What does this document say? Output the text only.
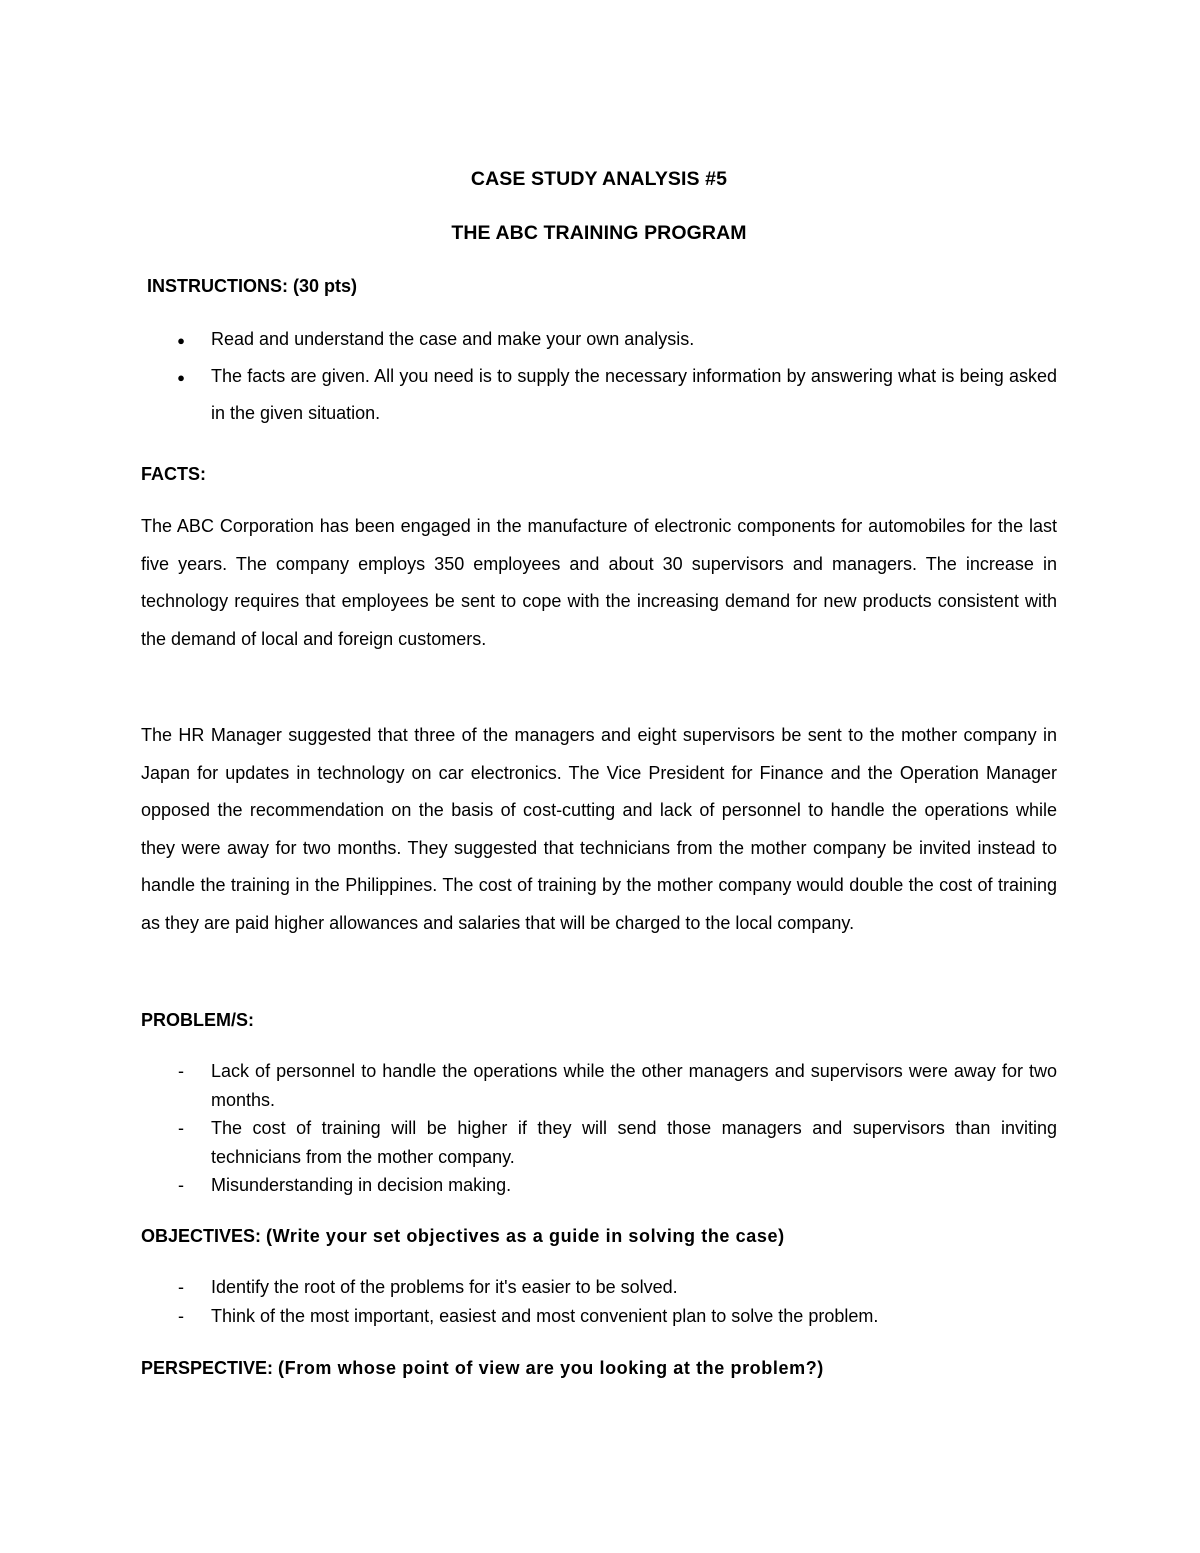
CASE STUDY ANALYSIS #5
THE ABC TRAINING PROGRAM
INSTRUCTIONS: (30 pts)
● Read and understand the case and make your own analysis.
● The facts are given. All you need is to supply the necessary information by answering what is being asked in the given situation.
FACTS:

The ABC Corporation has been engaged in the manufacture of electronic components for automobiles for the last five years. The company employs 350 employees and about 30 supervisors and managers. The increase in technology requires that employees be sent to cope with the increasing demand for new products consistent with the demand of local and foreign customers.

The HR Manager suggested that three of the managers and eight supervisors be sent to the mother company in Japan for updates in technology on car electronics. The Vice President for Finance and the Operation Manager opposed the recommendation on the basis of cost-cutting and lack of personnel to handle the operations while they were away for two months. They suggested that technicians from the mother company be invited instead to handle the training in the Philippines. The cost of training by the mother company would double the cost of training as they are paid higher allowances and salaries that will be charged to the local company.

PROBLEM/S:
- Lack of personnel to handle the operations while the other managers and supervisors were away for two months.
- The cost of training will be higher if they will send those managers and supervisors than inviting technicians from the mother company.
- Misunderstanding in decision making.
OBJECTIVES: (Write your set objectives as a guide in solving the case)
- Identify the root of the problems for it's easier to be solved.
- Think of the most important, easiest and most convenient plan to solve the problem.
PERSPECTIVE: (From whose point of view are you looking at the problem?)
